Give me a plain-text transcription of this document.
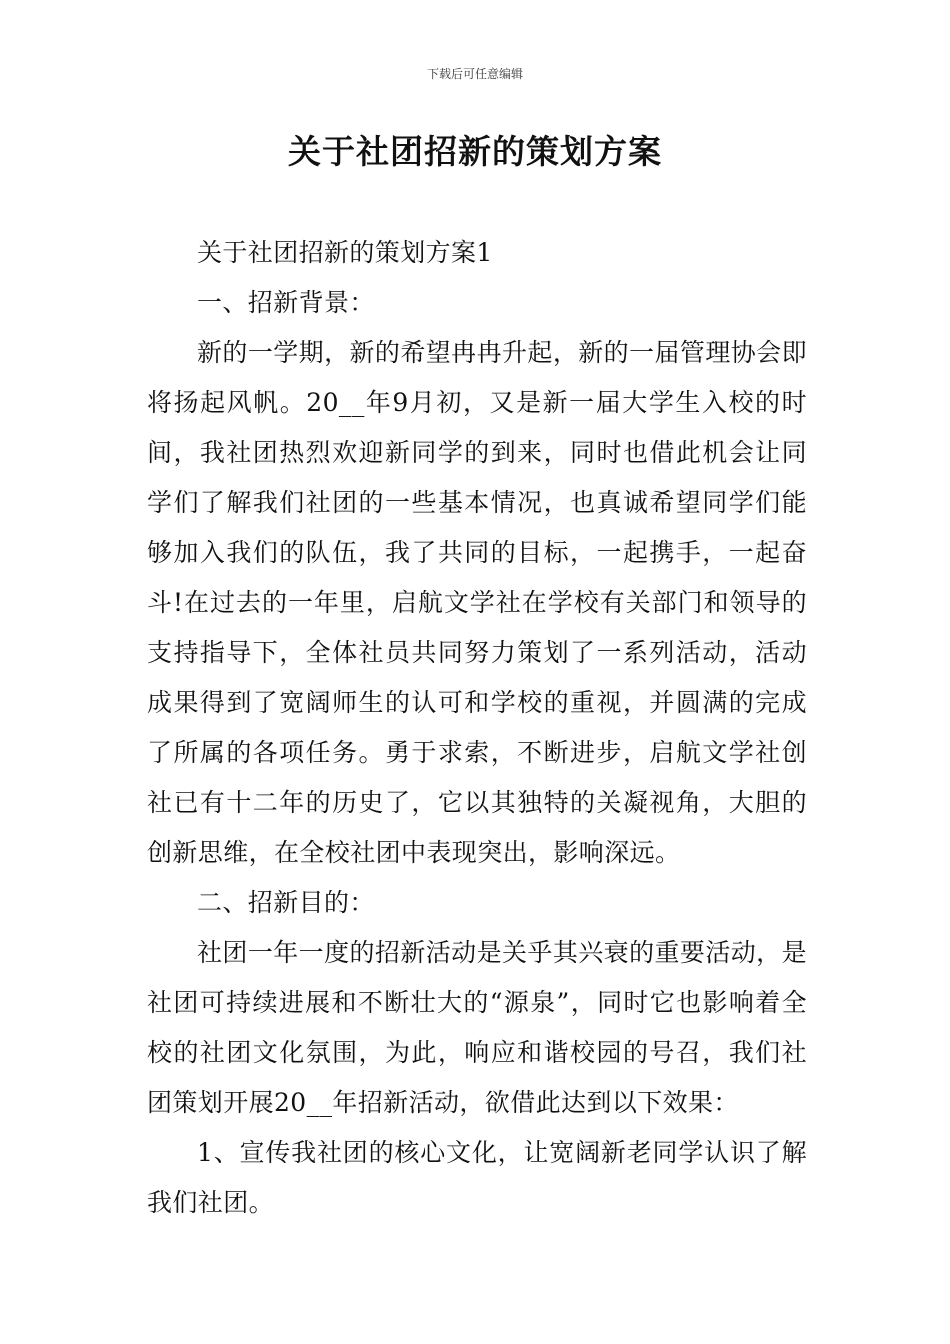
下载后可任意编辑
关于社团招新的策划方案

关于社团招新的策划方案1

一、招新背景：

新的一学期，新的希望冉冉升起，新的一届管理协会即将扬起风帆。20__年9月初，又是新一届大学生入校的时间，我社团热烈欢迎新同学的到来，同时也借此机会让同学们了解我们社团的一些基本情况，也真诚希望同学们能够加入我们的队伍，我了共同的目标，一起携手，一起奋斗!在过去的一年里，启航文学社在学校有关部门和领导的支持指导下，全体社员共同努力策划了一系列活动，活动成果得到了宽阔师生的认可和学校的重视，并圆满的完成了所属的各项任务。勇于求索，不断进步，启航文学社创社已有十二年的历史了，它以其独特的关凝视角，大胆的创新思维，在全校社团中表现突出，影响深远。

二、招新目的：

社团一年一度的招新活动是关乎其兴衰的重要活动，是社团可持续进展和不断壮大的“源泉”，同时它也影响着全校的社团文化氛围，为此，响应和谐校园的号召，我们社团策划开展20__年招新活动，欲借此达到以下效果：

1、宣传我社团的核心文化，让宽阔新老同学认识了解我们社团。
